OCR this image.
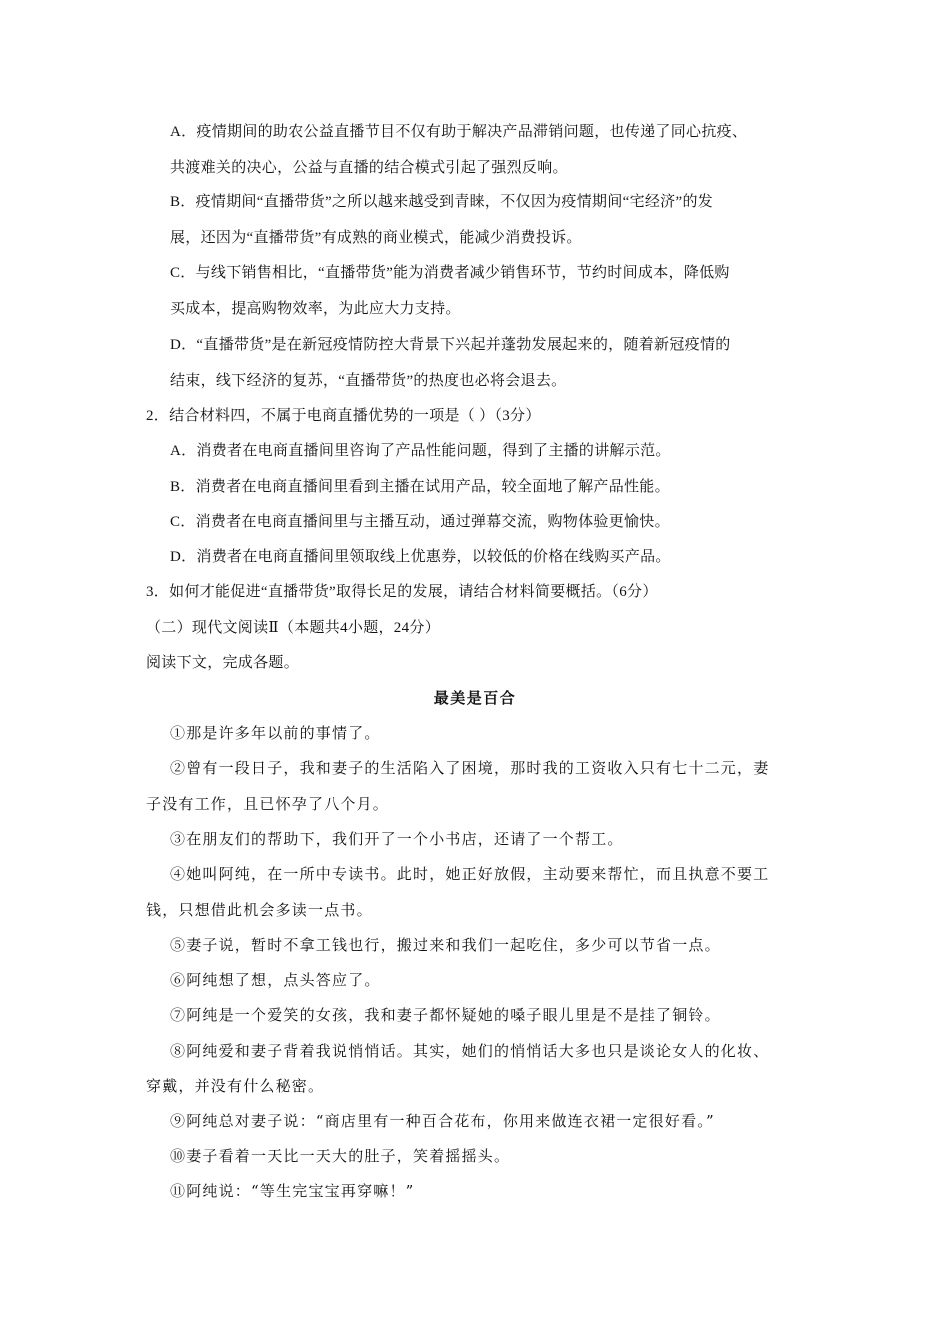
A．疫情期间的助农公益直播节目不仅有助于解决产品滞销问题，也传递了同心抗疫、
共渡难关的决心，公益与直播的结合模式引起了强烈反响。
B．疫情期间“直播带货”之所以越来越受到青睐，不仅因为疫情期间“宅经济”的发
展，还因为“直播带货”有成熟的商业模式，能减少消费投诉。
C．与线下销售相比，“直播带货”能为消费者减少销售环节，节约时间成本，降低购
买成本，提高购物效率，为此应大力支持。
D．“直播带货”是在新冠疫情防控大背景下兴起并蓬勃发展起来的，随着新冠疫情的
结束，线下经济的复苏，“直播带货”的热度也必将会退去。
2．结合材料四，不属于电商直播优势的一项是（ ）（3分）
A．消费者在电商直播间里咨询了产品性能问题，得到了主播的讲解示范。
B．消费者在电商直播间里看到主播在试用产品，较全面地了解产品性能。
C．消费者在电商直播间里与主播互动，通过弹幕交流，购物体验更愉快。
D．消费者在电商直播间里领取线上优惠券，以较低的价格在线购买产品。
3．如何才能促进“直播带货”取得长足的发展，请结合材料简要概括。（6分）
（二）现代文阅读Ⅱ（本题共4小题，24分）
阅读下文，完成各题。
最美是百合
①那是许多年以前的事情了。
②曾有一段日子，我和妻子的生活陷入了困境，那时我的工资收入只有七十二元，妻
子没有工作，且已怀孕了八个月。
③在朋友们的帮助下，我们开了一个小书店，还请了一个帮工。
④她叫阿纯，在一所中专读书。此时，她正好放假，主动要来帮忙，而且执意不要工
钱，只想借此机会多读一点书。
⑤妻子说，暂时不拿工钱也行，搬过来和我们一起吃住，多少可以节省一点。
⑥阿纯想了想，点头答应了。
⑦阿纯是一个爱笑的女孩，我和妻子都怀疑她的嗓子眼儿里是不是挂了铜铃。
⑧阿纯爱和妻子背着我说悄悄话。其实，她们的悄悄话大多也只是谈论女人的化妆、
穿戴，并没有什么秘密。
⑨阿纯总对妻子说：“商店里有一种百合花布，你用来做连衣裙一定很好看。”
⑩妻子看着一天比一天大的肚子，笑着摇摇头。
⑪阿纯说：“等生完宝宝再穿嘛！”
